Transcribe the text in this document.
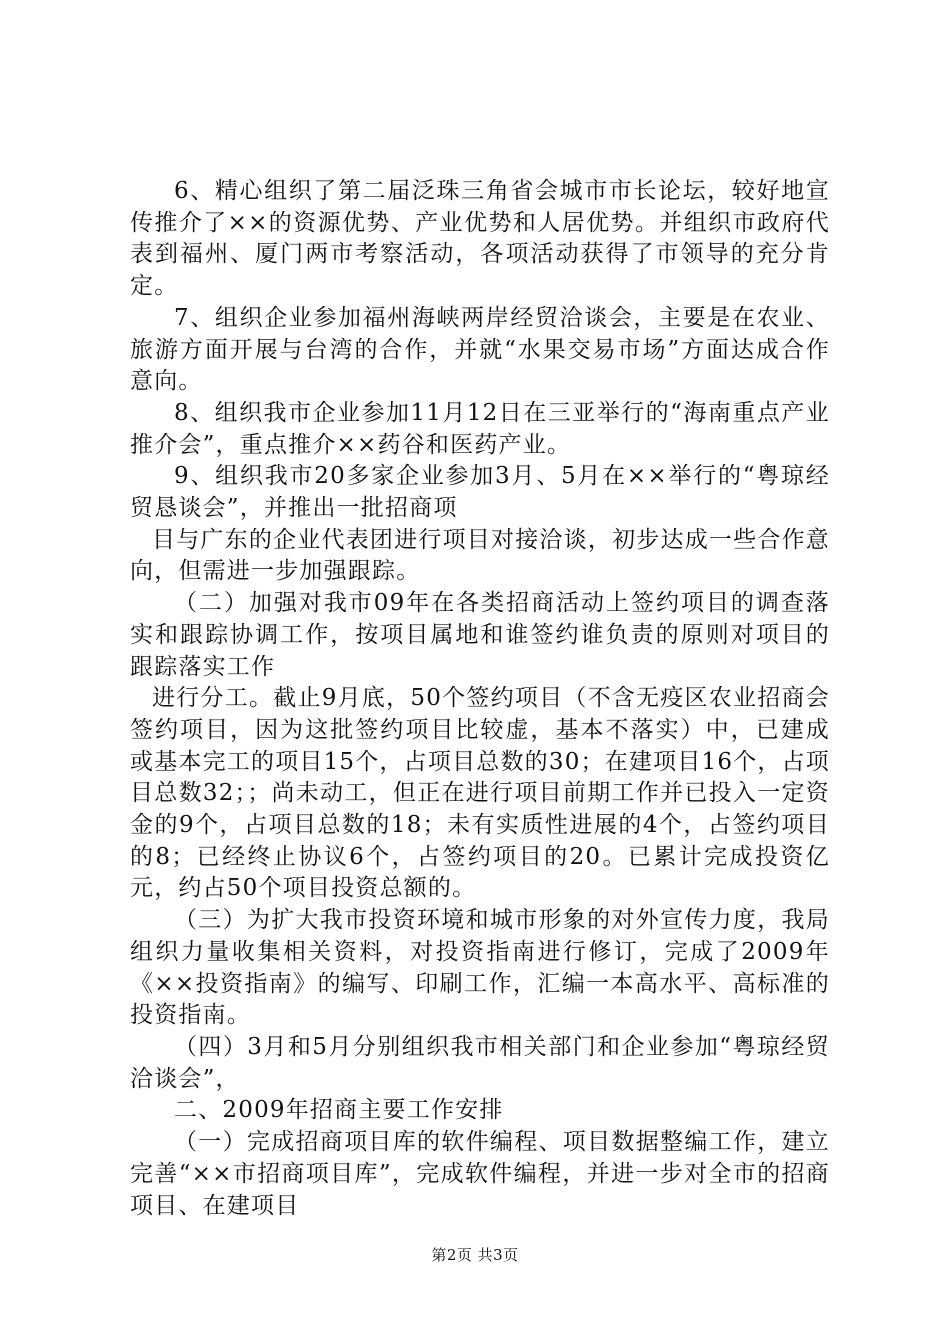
6、精心组织了第二届泛珠三角省会城市市长论坛，较好地宣传推介了××的资源优势、产业优势和人居优势。并组织市政府代表到福州、厦门两市考察活动，各项活动获得了市领导的充分肯定。

7、组织企业参加福州海峡两岸经贸洽谈会，主要是在农业、旅游方面开展与台湾的合作，并就“水果交易市场”方面达成合作意向。

8、组织我市企业参加11月12日在三亚举行的“海南重点产业推介会”，重点推介××药谷和医药产业。

9、组织我市20多家企业参加3月、5月在××举行的“粤琼经贸恳谈会”，并推出一批招商项

目与广东的企业代表团进行项目对接洽谈，初步达成一些合作意向，但需进一步加强跟踪。

（二）加强对我市09年在各类招商活动上签约项目的调查落实和跟踪协调工作，按项目属地和谁签约谁负责的原则对项目的跟踪落实工作

进行分工。截止9月底，50个签约项目（不含无疫区农业招商会签约项目，因为这批签约项目比较虚，基本不落实）中，已建成或基本完工的项目15个，占项目总数的30；在建项目16个，占项目总数32；；尚未动工，但正在进行项目前期工作并已投入一定资金的9个，占项目总数的18；未有实质性进展的4个，占签约项目的8；已经终止协议6个，占签约项目的20。已累计完成投资亿元，约占50个项目投资总额的。

（三）为扩大我市投资环境和城市形象的对外宣传力度，我局组织力量收集相关资料，对投资指南进行修订，完成了2009年《××投资指南》的编写、印刷工作，汇编一本高水平、高标准的投资指南。

（四）3月和5月分别组织我市相关部门和企业参加“粤琼经贸洽谈会”，

二、2009年招商主要工作安排

（一）完成招商项目库的软件编程、项目数据整编工作，建立完善“××市招商项目库”，完成软件编程，并进一步对全市的招商项目、在建项目

第2页 共3页
